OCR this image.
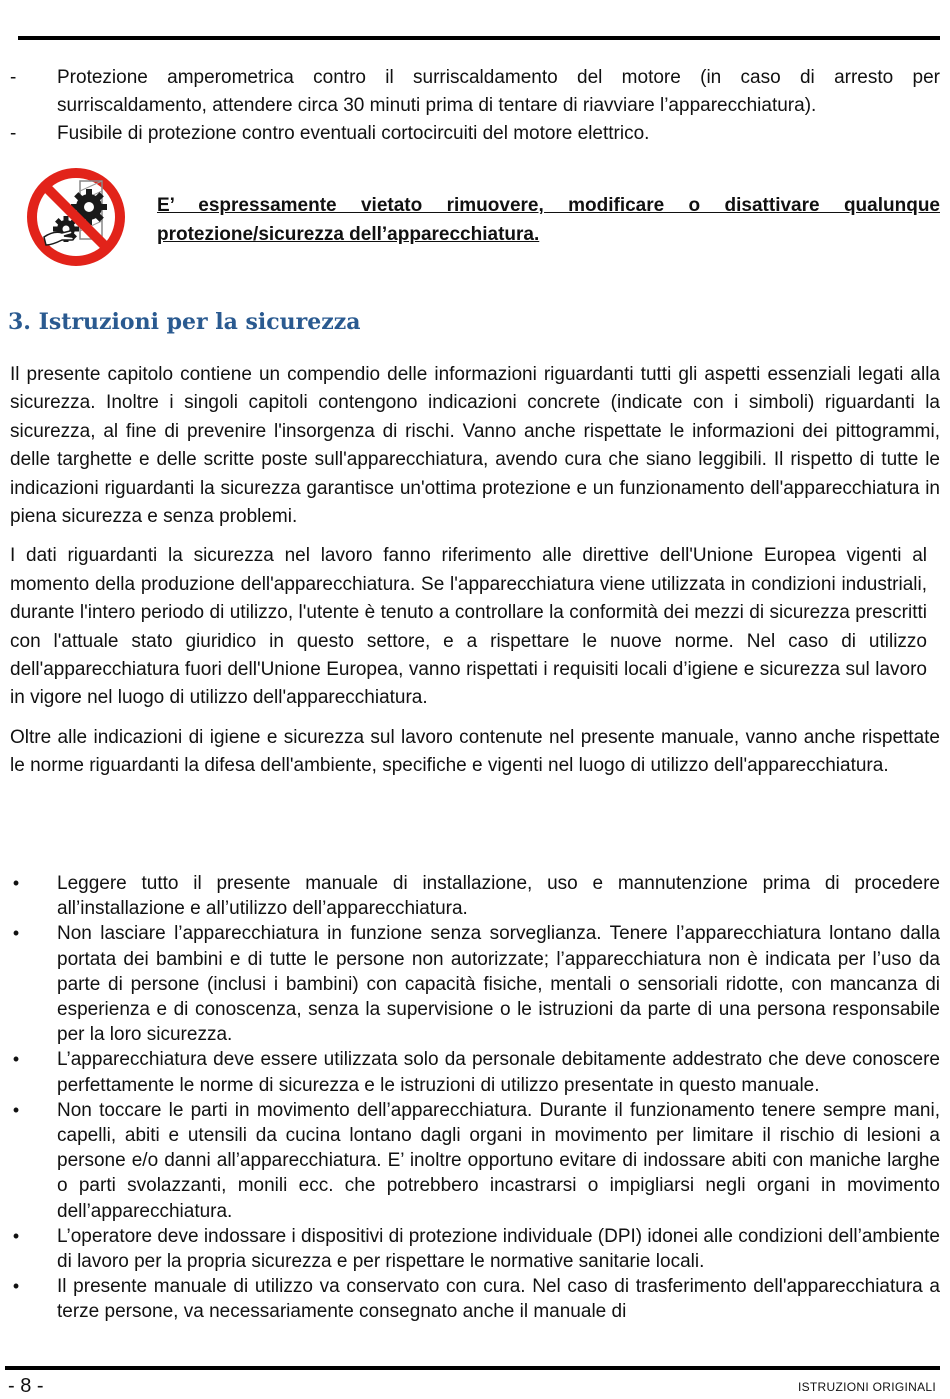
- Protezione amperometrica contro il surriscaldamento del motore (in caso di arresto per surriscaldamento, attendere circa 30 minuti prima di tentare di riavviare l’apparecchiatura).
- Fusibile di protezione contro eventuali cortocircuiti del motore elettrico.
E’ espressamente vietato rimuovere, modificare o disattivare qualunque
protezione/sicurezza dell’apparecchiatura.
3. Istruzioni per la sicurezza

Il presente capitolo contiene un compendio delle informazioni riguardanti tutti gli aspetti essenziali legati alla sicurezza. Inoltre i singoli capitoli contengono indicazioni concrete (indicate con i simboli) riguardanti la sicurezza, al fine di prevenire l'insorgenza di rischi. Vanno anche rispettate le informazioni dei pittogrammi, delle targhette e delle scritte poste sull'apparecchiatura, avendo cura che siano leggibili. Il rispetto di tutte le indicazioni riguardanti la sicurezza garantisce un'ottima protezione e un funzionamento dell'apparecchiatura in piena sicurezza e senza problemi.

I dati riguardanti la sicurezza nel lavoro fanno riferimento alle direttive dell'Unione Europea vigenti al momento della produzione dell'apparecchiatura. Se l'apparecchiatura viene utilizzata in condizioni industriali, durante l'intero periodo di utilizzo, l'utente è tenuto a controllare la conformità dei mezzi di sicurezza prescritti con l'attuale stato giuridico in questo settore, e a rispettare le nuove norme. Nel caso di utilizzo dell'apparecchiatura fuori dell'Unione Europea, vanno rispettati i requisiti locali d’igiene e sicurezza sul lavoro in vigore nel luogo di utilizzo dell'apparecchiatura.

Oltre alle indicazioni di igiene e sicurezza sul lavoro contenute nel presente manuale, vanno anche rispettate le norme riguardanti la difesa dell'ambiente, specifiche e vigenti nel luogo di utilizzo dell'apparecchiatura.

• Leggere tutto il presente manuale di installazione, uso e mannutenzione prima di procedere all’installazione e all’utilizzo dell’apparecchiatura.

• Non lasciare l’apparecchiatura in funzione senza sorveglianza. Tenere l’apparecchiatura lontano dalla portata dei bambini e di tutte le persone non autorizzate; l’apparecchiatura non è indicata per l’uso da parte di persone (inclusi i bambini) con capacità fisiche, mentali o sensoriali ridotte, con mancanza di esperienza e di conoscenza, senza la supervisione o le istruzioni da parte di una persona responsabile per la loro sicurezza.

• L’apparecchiatura deve essere utilizzata solo da personale debitamente addestrato che deve conoscere perfettamente le norme di sicurezza e le istruzioni di utilizzo presentate in questo manuale.

• Non toccare le parti in movimento dell’apparecchiatura. Durante il funzionamento tenere sempre mani, capelli, abiti e utensili da cucina lontano dagli organi in movimento per limitare il rischio di lesioni a persone e/o danni all’apparecchiatura. E’ inoltre opportuno evitare di indossare abiti con maniche larghe o parti svolazzanti, monili ecc. che potrebbero incastrarsi o impigliarsi negli organi in movimento dell’apparecchiatura.

• L’operatore deve indossare i dispositivi di protezione individuale (DPI) idonei alle condizioni dell’ambiente di lavoro per la propria sicurezza e per rispettare le normative sanitarie locali.

• Il presente manuale di utilizzo va conservato con cura. Nel caso di trasferimento dell'apparecchiatura a terze persone, va necessariamente consegnato anche il manuale di

- 8 -	ISTRUZIONI ORIGINALI
